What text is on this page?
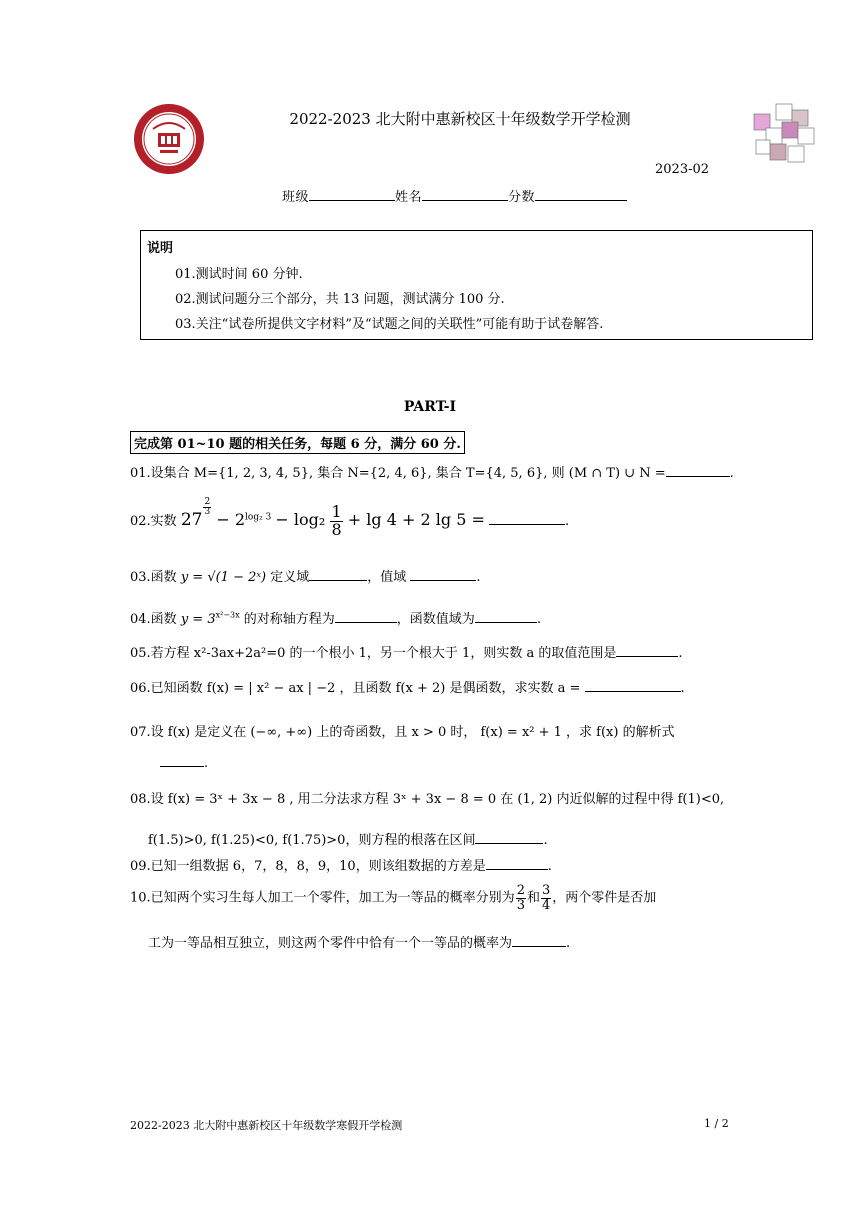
2022-2023 北大附中惠新校区十年级数学开学检测
2023-02
班级	姓名	分数
说明
01.测试时间 60 分钟.
02.测试问题分三个部分，共 13 问题，测试满分 100 分.
03.关注“试卷所提供文字材料”及“试题之间的关联性”可能有助于试卷解答.
PART-I
完成第 01~10 题的相关任务，每题 6 分，满分 60 分.
01.设集合 M={1, 2, 3, 4, 5}, 集合 N={2, 4, 6}, 集合 T={4, 5, 6}, 则 (M ∩ T) ∪ N =	.
02.实数 27
$^{\frac{2}{3}}$
− $2^{log_2 3} - \log_2 \frac{1}{8} + \lg 4 + 2$ lg 5 =	.
03.函数 y = √(1 − 2ˣ) 定义域	，值域	.
04.函数 $y = 3^{x^2-3x}$ 的对称轴方程为	，函数值域为	.
05.若方程 x²-3ax+2a²=0 的一个根小 1，另一个根大于 1，则实数 a 的取值范围是	.
06.已知函数 f(x) = | x² − ax | −2 ，且函数 f(x + 2) 是偶函数，求实数 a =	.
07.设 f(x) 是定义在 (−∞, +∞) 上的奇函数，且 x > 0 时， f(x) = x² + 1 ，求 f(x) 的解析式
.
08.设 f(x) = 3ˣ + 3x − 8 , 用二分法求方程 3ˣ + 3x − 8 = 0 在 (1, 2) 内近似解的过程中得 f(1)<0,
f(1.5)>0, f(1.25)<0, f(1.75)>0，则方程的根落在区间	.
09.已知一组数据 6，7，8，8，9，10，则该组数据的方差是	.
10.已知两个实习生每人加工一个零件，加工为一等品的概率分别为 $\frac{2}{3}$ 和 $\frac{3}{4}$ ，两个零件是否加
工为一等品相互独立，则这两个零件中恰有一个一等品的概率为	.
2022-2023 北大附中惠新校区十年级数学寒假开学检测	1 / 2
